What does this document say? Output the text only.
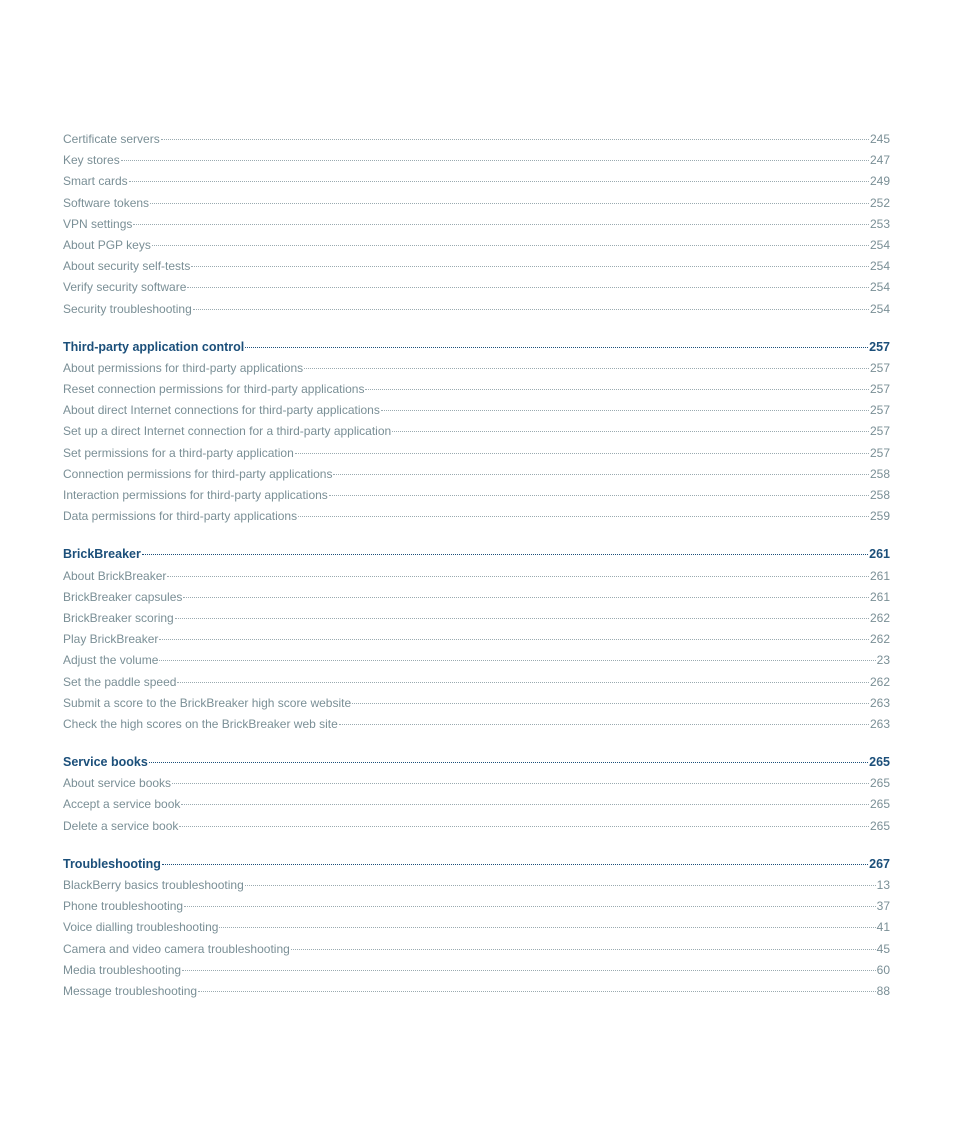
Certificate servers	245
Key stores	247
Smart cards	249
Software tokens	252
VPN settings	253
About PGP keys	254
About security self-tests	254
Verify security software	254
Security troubleshooting	254
Third-party application control	257
About permissions for third-party applications	257
Reset connection permissions for third-party applications	257
About direct Internet connections for third-party applications	257
Set up a direct Internet connection for a third-party application	257
Set permissions for a third-party application	257
Connection permissions for third-party applications	258
Interaction permissions for third-party applications	258
Data permissions for third-party applications	259
BrickBreaker	261
About BrickBreaker	261
BrickBreaker capsules	261
BrickBreaker scoring	262
Play BrickBreaker	262
Adjust the volume	23
Set the paddle speed	262
Submit a score to the BrickBreaker high score website	263
Check the high scores on the BrickBreaker web site	263
Service books	265
About service books	265
Accept a service book	265
Delete a service book	265
Troubleshooting	267
BlackBerry basics troubleshooting	13
Phone troubleshooting	37
Voice dialling troubleshooting	41
Camera and video camera troubleshooting	45
Media troubleshooting	60
Message troubleshooting	88
